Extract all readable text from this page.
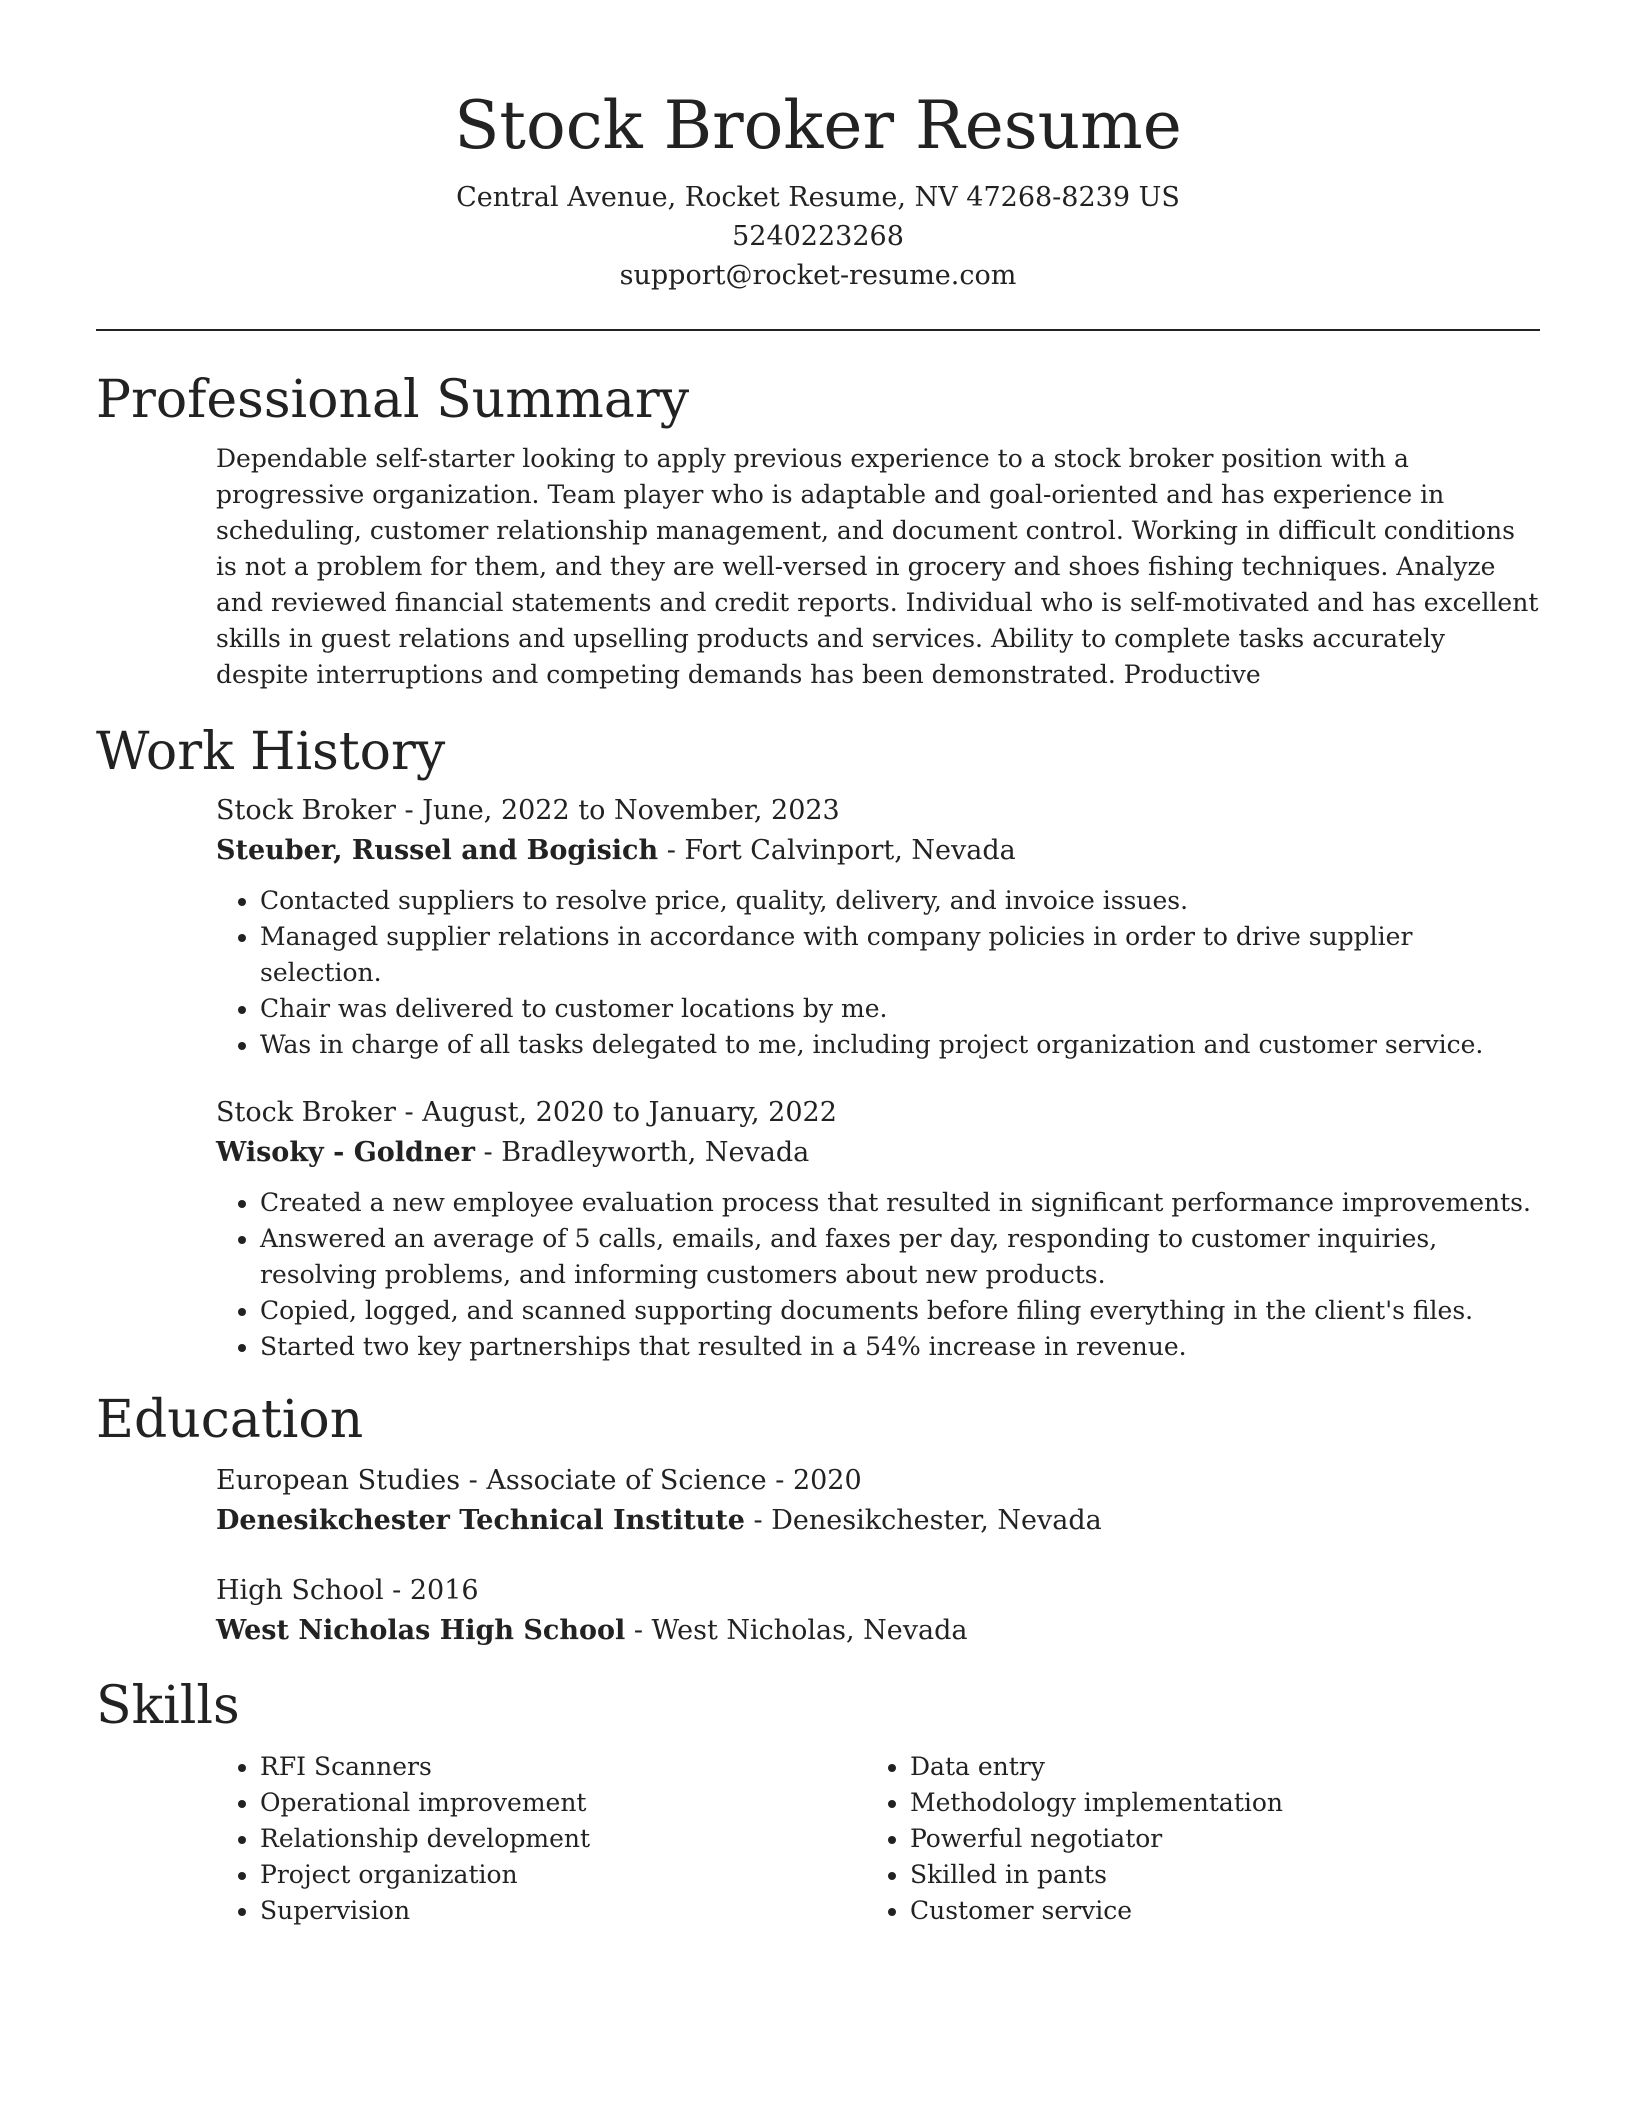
Stock Broker Resume
Central Avenue, Rocket Resume, NV 47268-8239 US
5240223268
support@rocket-resume.com
Professional Summary

Dependable self-starter looking to apply previous experience to a stock broker position with a progressive organization. Team player who is adaptable and goal-oriented and has experience in scheduling, customer relationship management, and document control. Working in difficult conditions is not a problem for them, and they are well-versed in grocery and shoes fishing techniques. Analyze and reviewed financial statements and credit reports. Individual who is self-motivated and has excellent skills in guest relations and upselling products and services. Ability to complete tasks accurately despite interruptions and competing demands has been demonstrated. Productive

Work History
Stock Broker - June, 2022 to November, 2023
Steuber, Russel and Bogisich - Fort Calvinport, Nevada
• Contacted suppliers to resolve price, quality, delivery, and invoice issues.
• Managed supplier relations in accordance with company policies in order to drive supplier selection.
• Chair was delivered to customer locations by me.
• Was in charge of all tasks delegated to me, including project organization and customer service.
Stock Broker - August, 2020 to January, 2022
Wisoky - Goldner - Bradleyworth, Nevada
• Created a new employee evaluation process that resulted in significant performance improvements.
• Answered an average of 5 calls, emails, and faxes per day, responding to customer inquiries, resolving problems, and informing customers about new products.
• Copied, logged, and scanned supporting documents before filing everything in the client's files.
• Started two key partnerships that resulted in a 54% increase in revenue.
Education
European Studies - Associate of Science - 2020
Denesikchester Technical Institute - Denesikchester, Nevada
High School - 2016
West Nicholas High School - West Nicholas, Nevada
Skills
• RFI Scanners
• Operational improvement
• Relationship development
• Project organization
• Supervision
• Data entry
• Methodology implementation
• Powerful negotiator
• Skilled in pants
• Customer service
